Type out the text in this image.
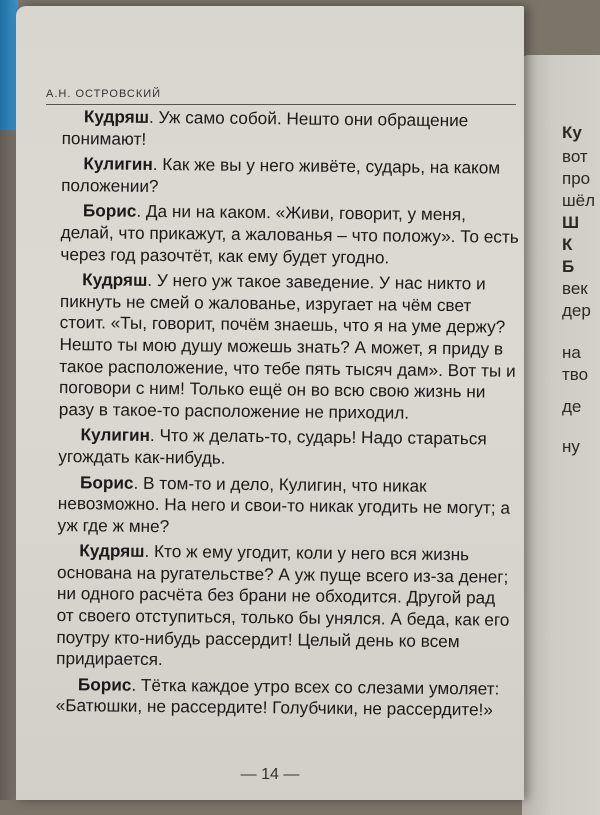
Ку
вот
про
шёл
Ш
К
Б
век
дер
на
тво
де
ну
А.Н. ОСТРОВСКИЙ

Кудряш. Уж само собой. Нешто они обращение понимают!

Кулигин. Как же вы у него живёте, сударь, на каком положении?

Борис. Да ни на каком. «Живи, говорит, у меня, делай, что прикажут, а жалованья – что положу». То есть через год разочтёт, как ему будет угодно.

Кудряш. У него уж такое заведение. У нас никто и пикнуть не смей о жалованье, изругает на чём свет стоит. «Ты, говорит, почём знаешь, что я на уме держу? Нешто ты мою душу можешь знать? А может, я приду в такое расположение, что тебе пять тысяч дам». Вот ты и поговори с ним! Только ещё он во всю свою жизнь ни разу в такое-то расположение не приходил.

Кулигин. Что ж делать-то, сударь! Надо стараться угождать как-нибудь.

Борис. В том-то и дело, Кулигин, что никак невозможно. На него и свои-то никак угодить не могут; а уж где ж мне?

Кудряш. Кто ж ему угодит, коли у него вся жизнь основана на ругательстве? А уж пуще всего из-за денег; ни одного расчёта без брани не обходится. Другой рад от своего отступиться, только бы унялся. А беда, как его поутру кто-нибудь рассердит! Целый день ко всем придирается.

Борис. Тётка каждое утро всех со слезами умоляет: «Батюшки, не рассердите! Голубчики, не рассердите!»

— 14 —
